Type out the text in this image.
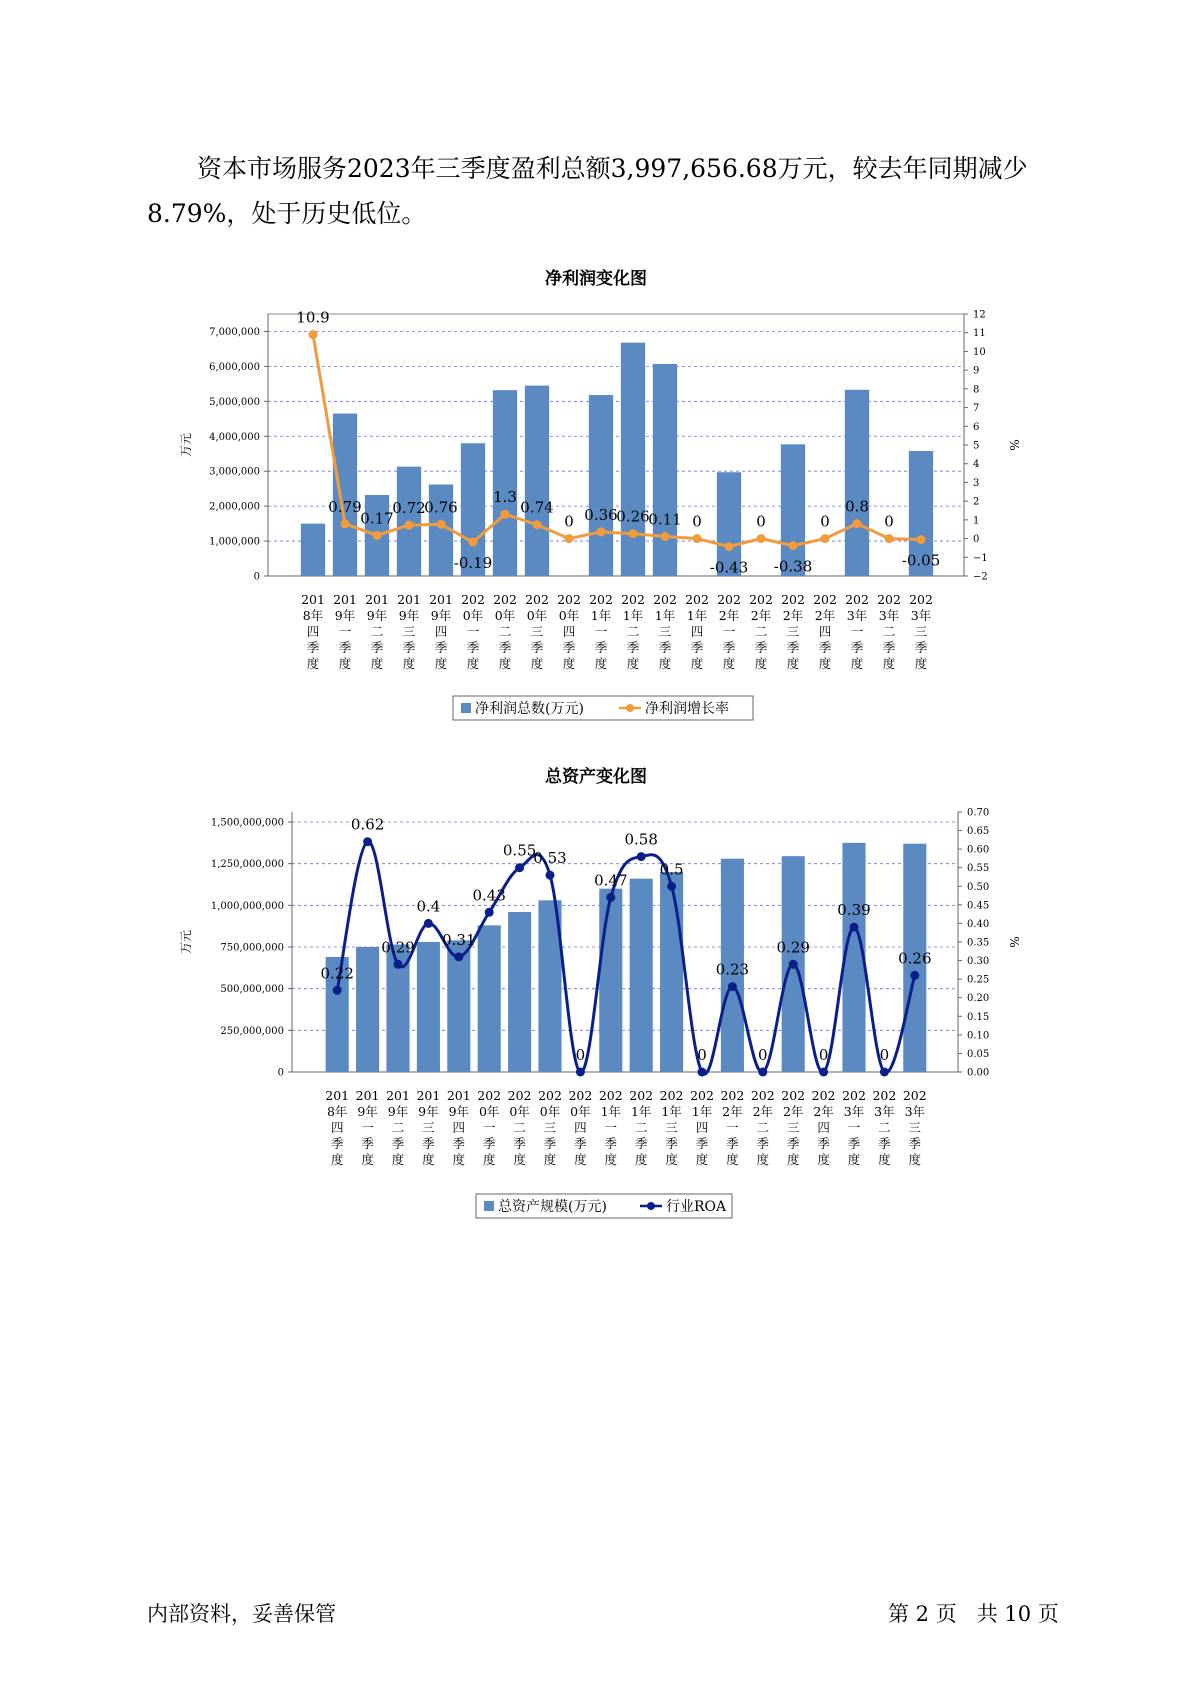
资本市场服务2023年三季度盈利总额3,997,656.68万元，较去年同期减少8.79%，处于历史低位。

净利润变化图
0
1,000,000
2,000,000
3,000,000
4,000,000
5,000,000
6,000,000
7,000,000
−2
−1
0
1
2
3
4
5
6
7
8
9
10
11
12
万元	%
10.9
0.79
0.17
0.72
0.76
-0.19
1.3
0.74
0 0.36
0.26
0.11 0
-0.43
0
-0.38
0
0.8
0
-0.05
201
8年
四
季
度
201
9年
一
季
度
201
9年
二
季
度
201
9年
三
季
度
201
9年
四
季
度
202
0年
一
季
度
202
0年
二
季
度
202
0年
三
季
度
202
0年
四
季
度
202
1年
一
季
度
202
1年
二
季
度
202
1年
三
季
度
202
1年
四
季
度
202
2年
一
季
度
202
2年
二
季
度
202
2年
三
季
度
202
2年
四
季
度
202
3年
一
季
度
202
3年
二
季
度
202
3年
三
季
度
净利润总数(万元)	净利润增长率
总资产变化图
0
250,000,000
500,000,000
750,000,000
1,000,000,000
1,250,000,000
1,500,000,000
0.00
0.05
0.10
0.15
0.20
0.25
0.30
0.35
0.40
0.45
0.50
0.55
0.60
0.65
0.70
万元	%
0.22
0.62
0.29
0.4
0.31
0.43
0.55
0.53
0
0.47
0.58
0.5
0
0.23
0
0.29
0
0.39
0
0.26
201
8年
四
季
度
201
9年
一
季
度
201
9年
二
季
度
201
9年
三
季
度
201
9年
四
季
度
202
0年
一
季
度
202
0年
二
季
度
202
0年
三
季
度
202
0年
四
季
度
202
1年
一
季
度
202
1年
二
季
度
202
1年
三
季
度
202
1年
四
季
度
202
2年
一
季
度
202
2年
二
季
度
202
2年
三
季
度
202
2年
四
季
度
202
3年
一
季
度
202
3年
二
季
度
202
3年
三
季
度
总资产规模(万元)	行业ROA
内部资料，妥善保管	第 2 页 共 10 页
